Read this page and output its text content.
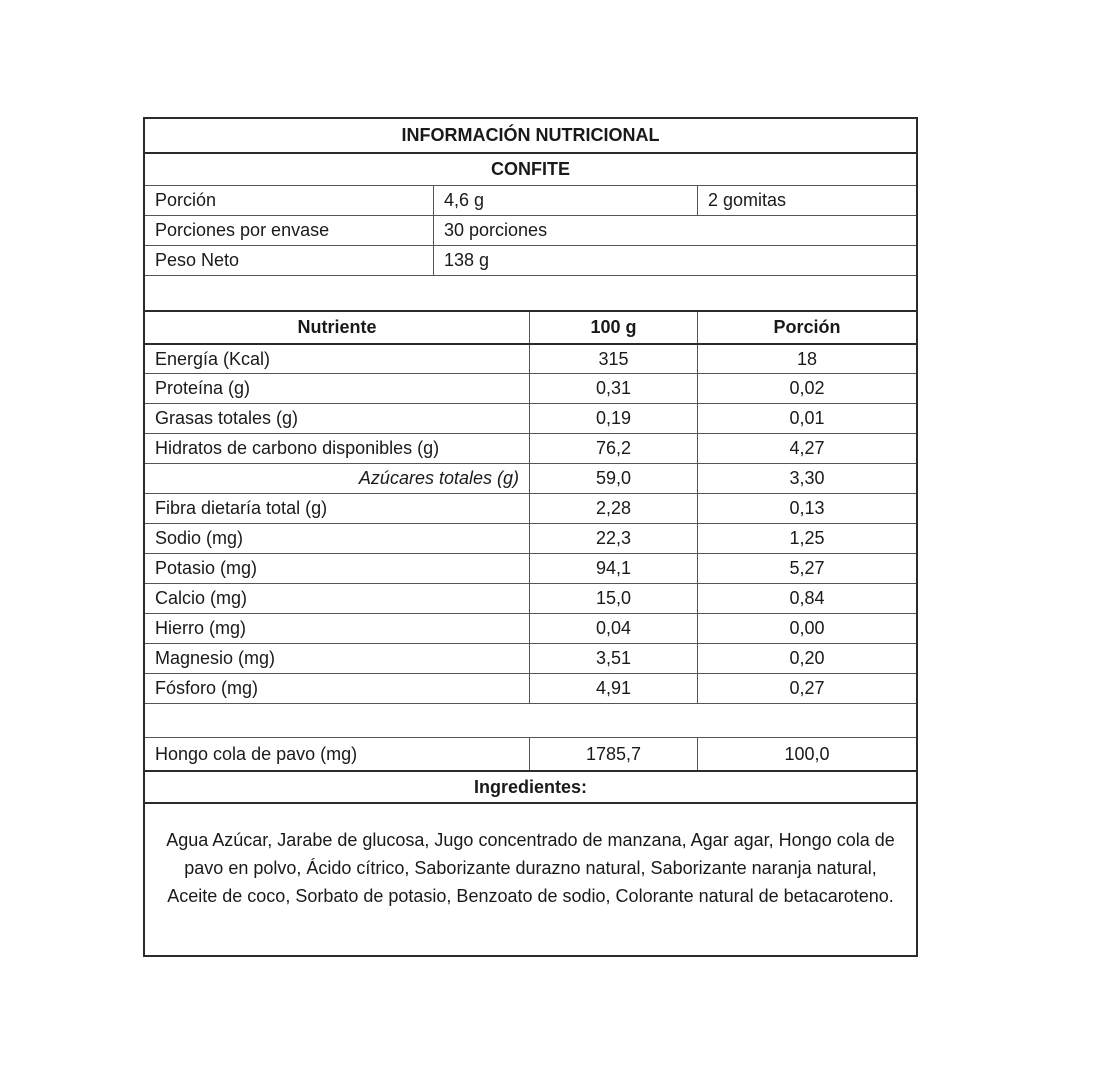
INFORMACIÓN NUTRICIONAL
CONFITE
Porción	4,6 g	2 gomitas
Porciones por envase	30 porciones
Peso Neto	138 g
Nutriente	100 g	Porción
Energía (Kcal)	315	18
Proteína (g)	0,31	0,02
Grasas totales (g)	0,19	0,01
Hidratos de carbono disponibles (g)	76,2	4,27
Azúcares totales (g)	59,0	3,30
Fibra dietaría total (g)	2,28	0,13
Sodio (mg)	22,3	1,25
Potasio (mg)	94,1	5,27
Calcio (mg)	15,0	0,84
Hierro (mg)	0,04	0,00
Magnesio (mg)	3,51	0,20
Fósforo (mg)	4,91	0,27
Hongo cola de pavo (mg)	1785,7	100,0
Ingredientes:
Agua Azúcar, Jarabe de glucosa, Jugo concentrado de manzana, Agar agar, Hongo cola de pavo en polvo, Ácido cítrico, Saborizante durazno natural, Saborizante naranja natural, Aceite de coco, Sorbato de potasio, Benzoato de sodio, Colorante natural de betacaroteno.
